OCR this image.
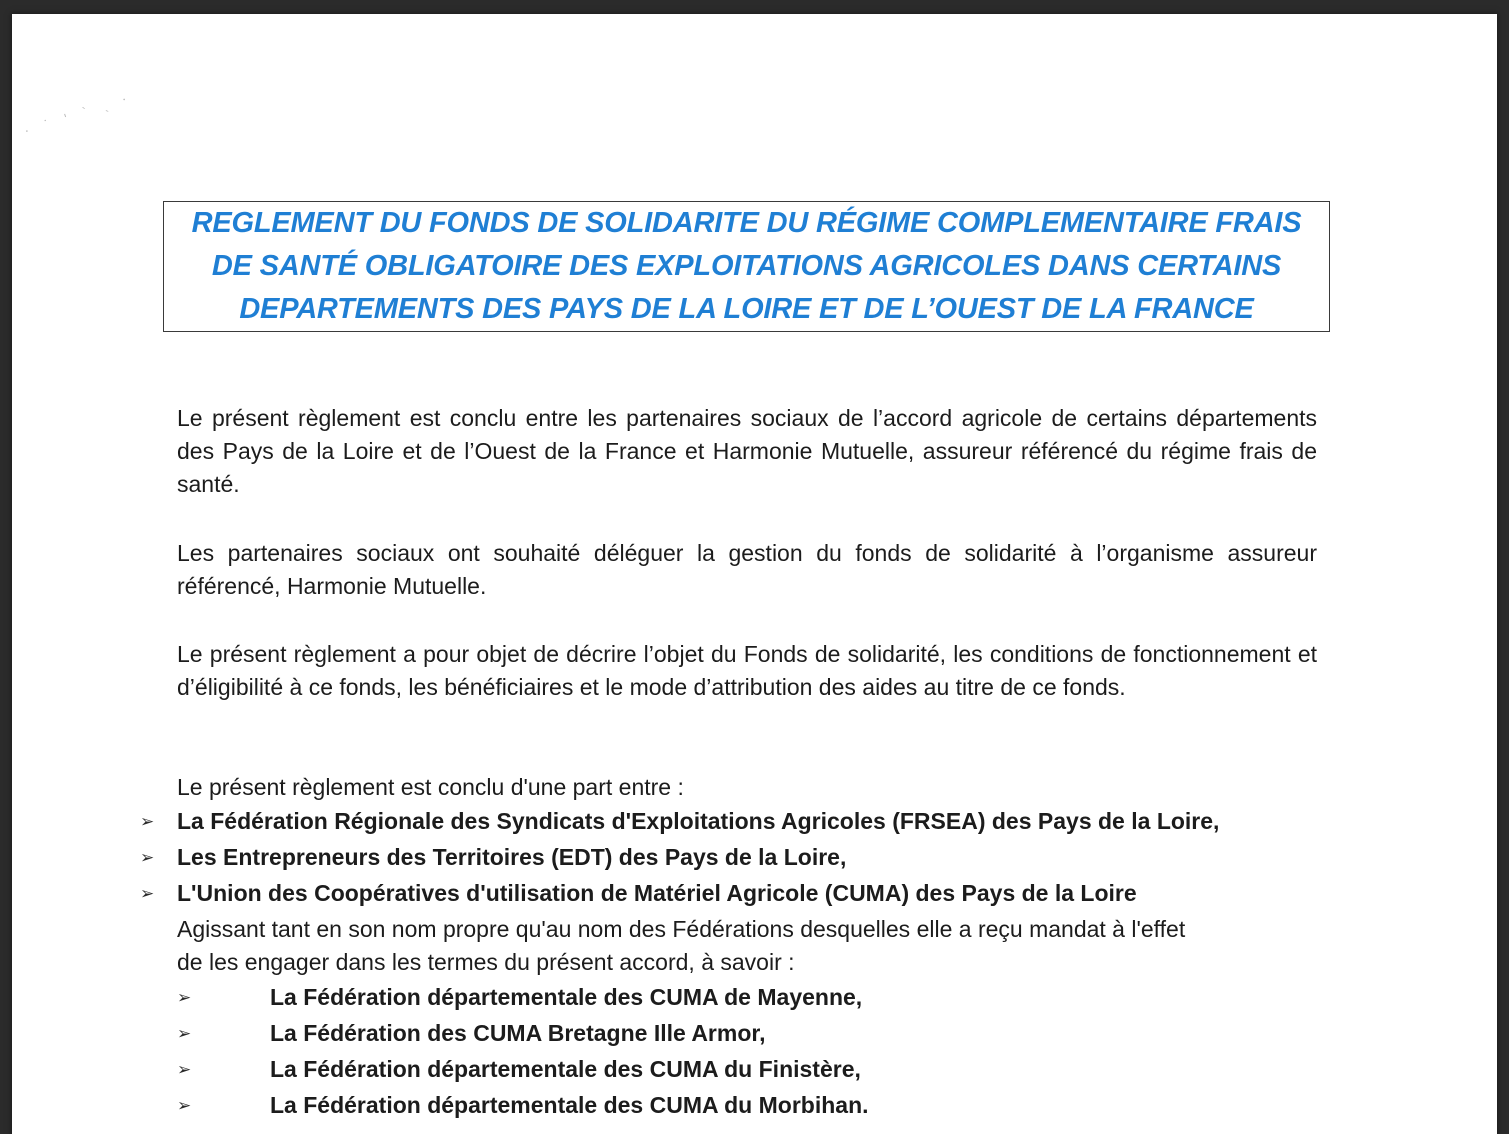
· ˙ ' ` ˏ ·
REGLEMENT DU FONDS DE SOLIDARITE DU RÉGIME COMPLEMENTAIRE FRAIS
DE SANTÉ OBLIGATOIRE DES EXPLOITATIONS AGRICOLES DANS CERTAINS
DEPARTEMENTS DES PAYS DE LA LOIRE ET DE L’OUEST DE LA FRANCE

Le présent règlement est conclu entre les partenaires sociaux de l’accord agricole de certains départements des Pays de la Loire et de l’Ouest de la France et Harmonie Mutuelle, assureur référencé du régime frais de santé.

Les partenaires sociaux ont souhaité déléguer la gestion du fonds de solidarité à l’organisme assureur référencé, Harmonie Mutuelle.

Le présent règlement a pour objet de décrire l’objet du Fonds de solidarité, les conditions de fonctionnement et d’éligibilité à ce fonds, les bénéficiaires et le mode d’attribution des aides au titre de ce fonds.

Le présent règlement est conclu d'une part entre :

➢ La Fédération Régionale des Syndicats d'Exploitations Agricoles (FRSEA) des Pays de la Loire,
➢ Les Entrepreneurs des Territoires (EDT) des Pays de la Loire,
➢ L'Union des Coopératives d'utilisation de Matériel Agricole (CUMA) des Pays de la Loire
Agissant tant en son nom propre qu'au nom des Fédérations desquelles elle a reçu mandat à l'effet
de les engager dans les termes du présent accord, à savoir :
➢	La Fédération départementale des CUMA de Mayenne,
➢	La Fédération des CUMA Bretagne Ille Armor,
➢	La Fédération départementale des CUMA du Finistère,
➢	La Fédération départementale des CUMA du Morbihan.
